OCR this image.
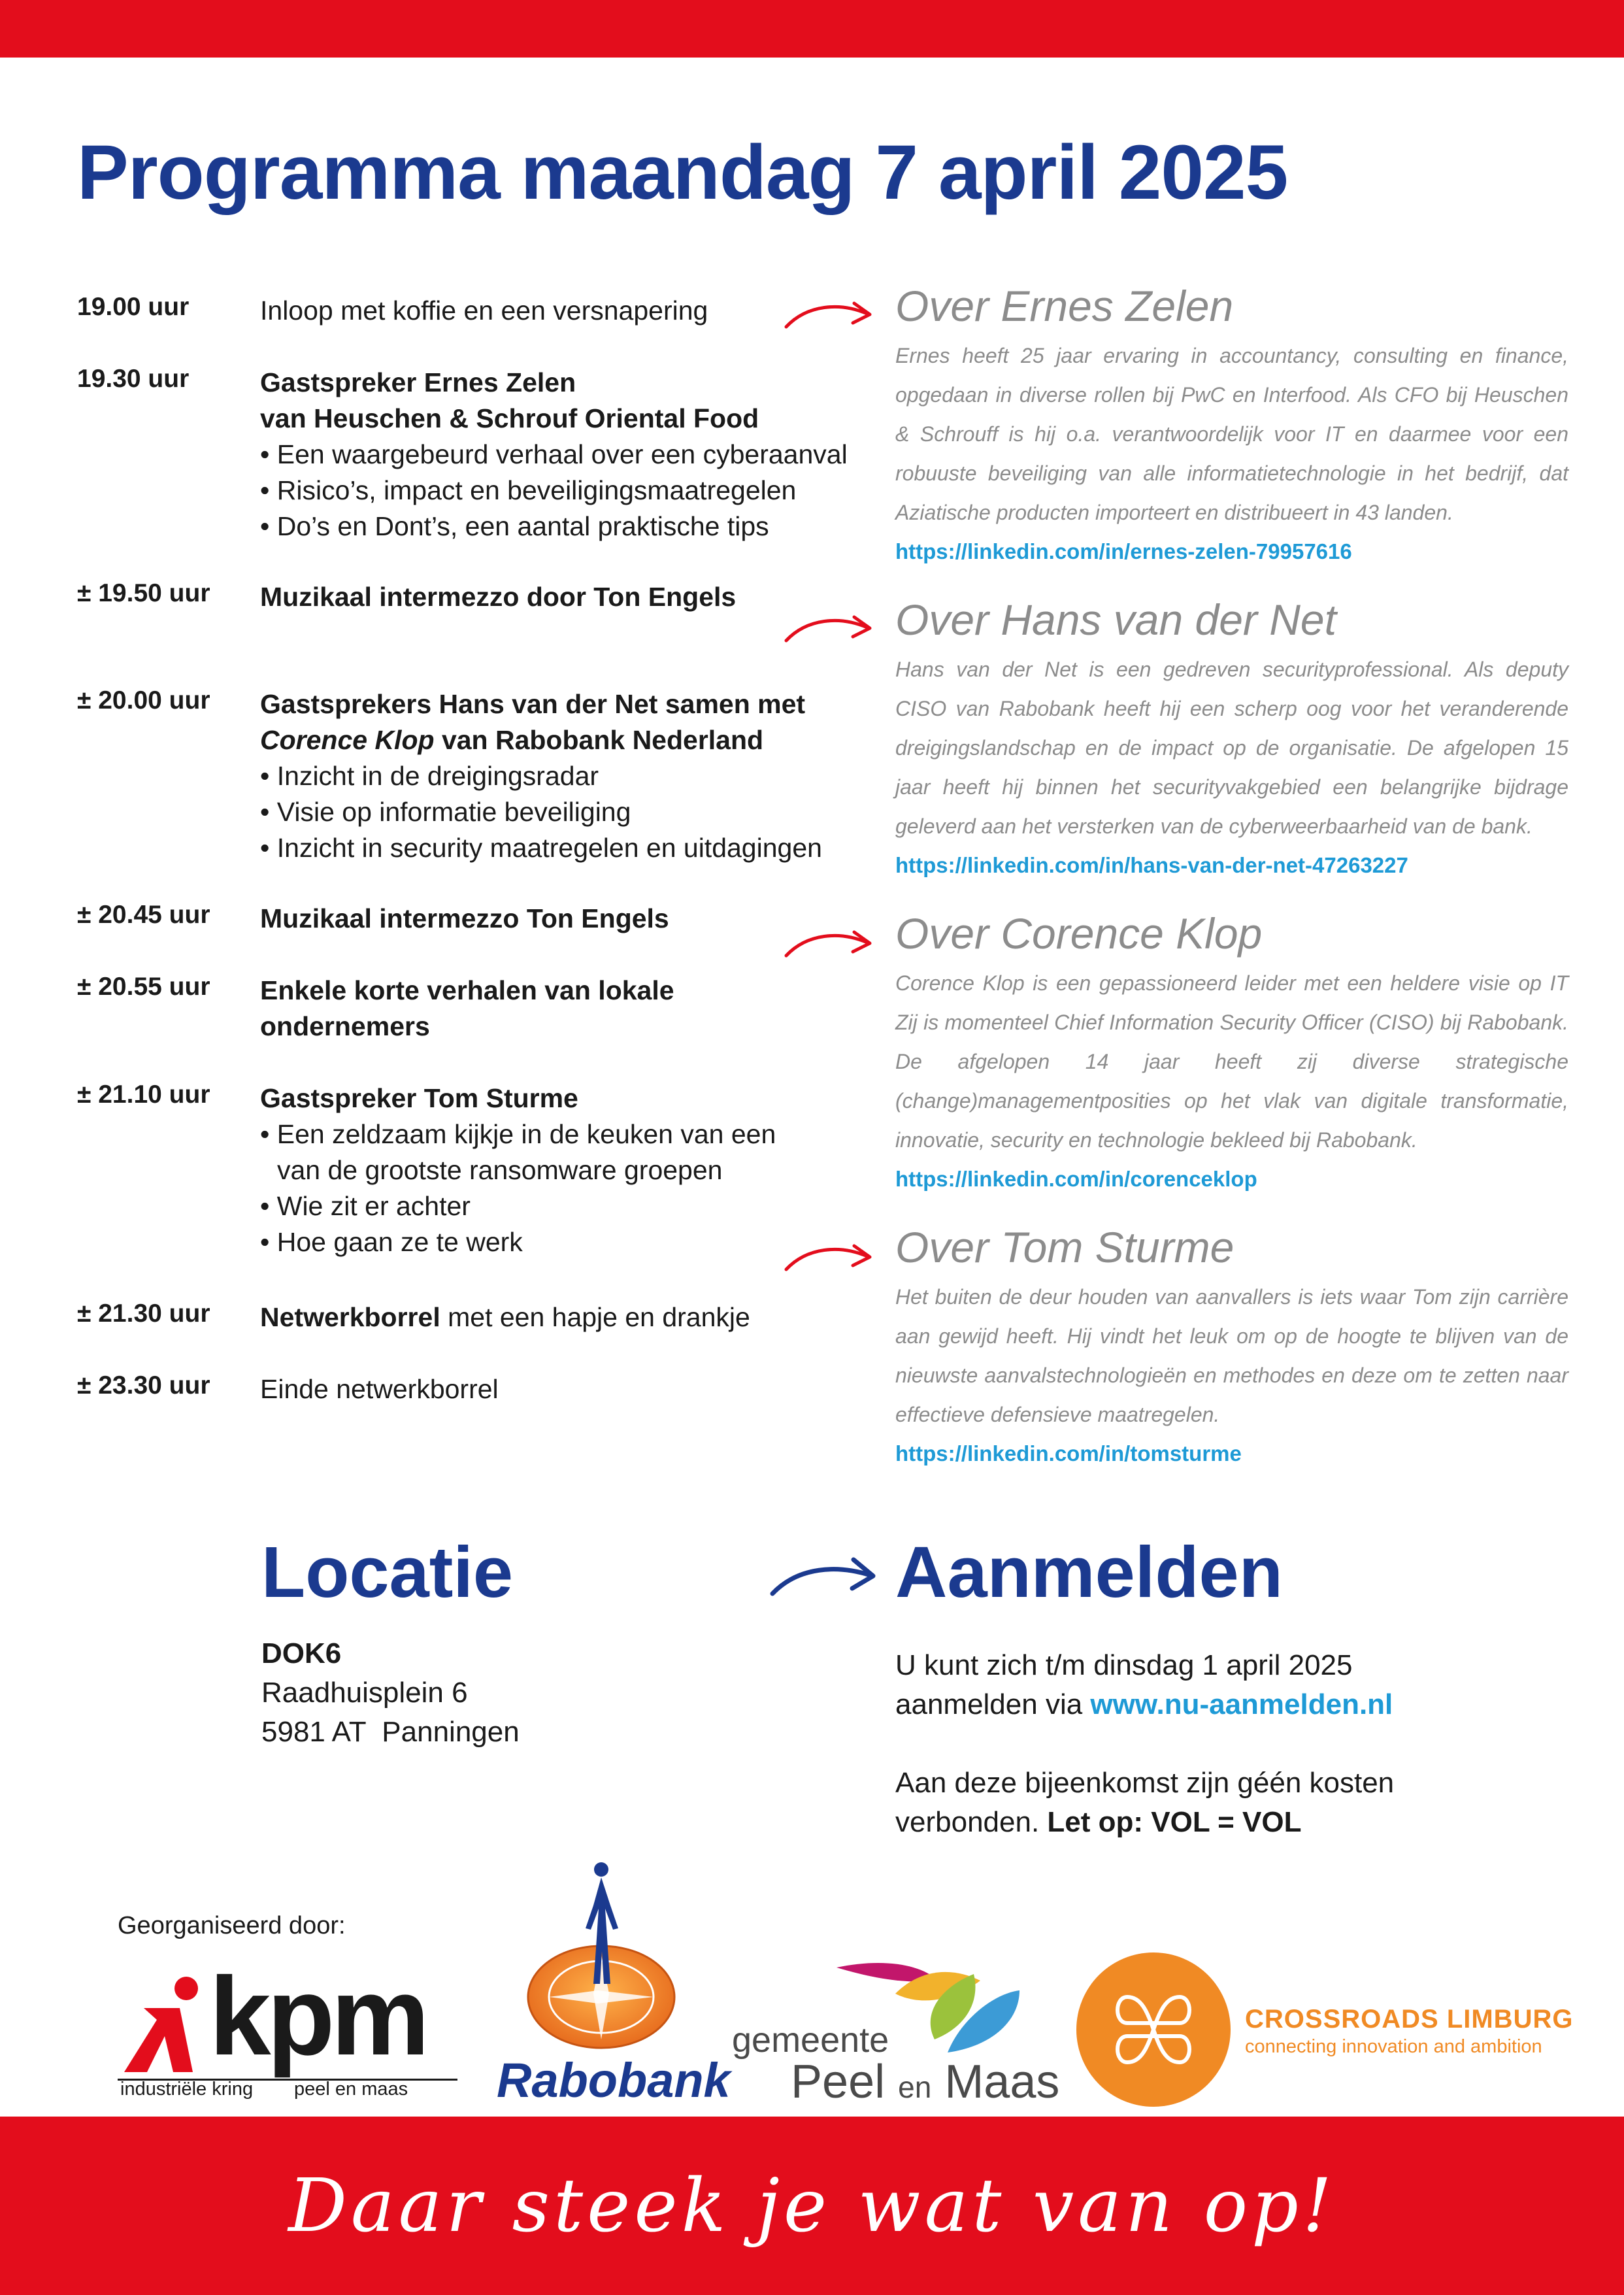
Programma maandag 7 april 2025
19.00 uur	Inloop met koffie en een versnapering
19.30 uur	Gastspreker Ernes Zelen
van Heuschen & Schrouf Oriental Food
• Een waargebeurd verhaal over een cyberaanval
• Risico’s, impact en beveiligingsmaatregelen
• Do’s en Dont’s, een aantal praktische tips
± 19.50 uur	Muzikaal intermezzo door Ton Engels
± 20.00 uur	Gastsprekers Hans van der Net samen met
Corence Klop van Rabobank Nederland
• Inzicht in de dreigingsradar
• Visie op informatie beveiliging
• Inzicht in security maatregelen en uitdagingen
± 20.45 uur	Muzikaal intermezzo Ton Engels
± 20.55 uur	Enkele korte verhalen van lokale
ondernemers
± 21.10 uur	Gastspreker Tom Sturme
• Een zeldzaam kijkje in de keuken van een
van de grootste ransomware groepen
• Wie zit er achter
• Hoe gaan ze te werk
± 21.30 uur	Netwerkborrel met een hapje en drankje
± 23.30 uur	Einde netwerkborrel
Over Ernes Zelen

Ernes heeft 25 jaar ervaring in accountancy, consulting en finance, opgedaan in diverse rollen bij PwC en Interfood. Als CFO bij Heuschen & Schrouff is hij o.a. verantwoordelijk voor IT en daarmee voor een robuuste beveiliging van alle informatietechnologie in het bedrijf, dat Aziatische producten importeert en distribueert in 43 landen.

https://linkedin.com/in/ernes-zelen-79957616
Over Hans van der Net

Hans van der Net is een gedreven securityprofessional. Als deputy CISO van Rabobank heeft hij een scherp oog voor het veranderende dreigingslandschap en de impact op de organisatie. De afgelopen 15 jaar heeft hij binnen het securityvakgebied een belangrijke bijdrage geleverd aan het versterken van de cyberweerbaarheid van de bank.

https://linkedin.com/in/hans-van-der-net-47263227
Over Corence Klop

Corence Klop is een gepassioneerd leider met een heldere visie op IT Zij is momenteel Chief Information Security Officer (CISO) bij Rabobank. De afgelopen 14 jaar heeft zij diverse strategische (change)managementposities op het vlak van digitale transformatie, innovatie, security en technologie bekleed bij Rabobank.

https://linkedin.com/in/corenceklop
Over Tom Sturme

Het buiten de deur houden van aanvallers is iets waar Tom zijn carrière aan gewijd heeft. Hij vindt het leuk om op de hoogte te blijven van de nieuwste aanvalstechnologieën en methodes en deze om te zetten naar effectieve defensieve maatregelen.

https://linkedin.com/in/tomsturme
Locatie
DOK6
Raadhuisplein 6
5981 AT  Panningen
Aanmelden
U kunt zich t/m dinsdag 1 april 2025
aanmelden via www.nu-aanmelden.nl
Aan deze bijeenkomst zijn géén kosten
verbonden. Let op: VOL = VOL
Georganiseerd door:
kpm
industriële kring peel en maas Rabobank
gemeente
Peel en Maas
CROSSROADS LIMBURG
connecting innovation and ambition
Daar steek je wat van op!
